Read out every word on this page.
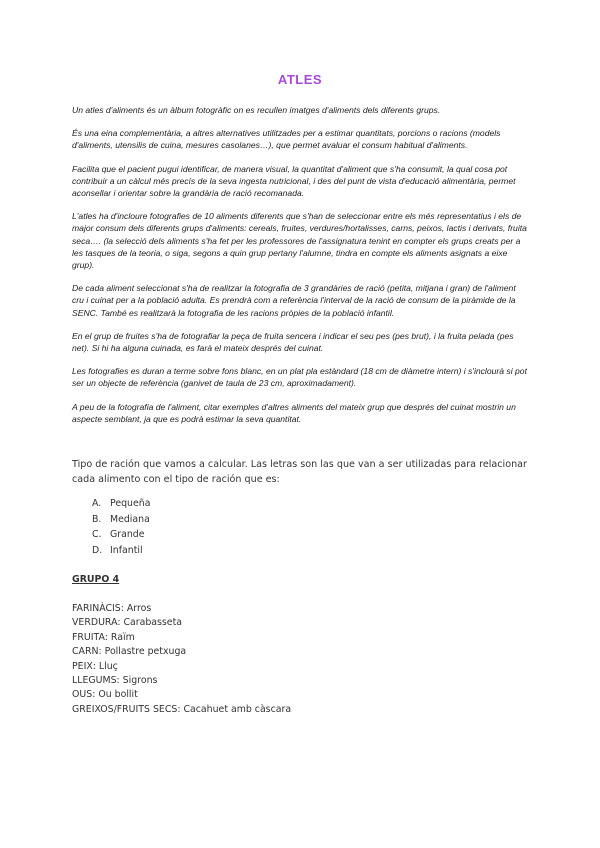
ATLES

Un atles d'aliments és un àlbum fotogràfic on es recullen imatges d'aliments dels diferents grups.

És una eina complementària, a altres alternatives utilitzades per a estimar quantitats, porcions o racions (models d'aliments, utensilis de cuina, mesures casolanes…), que permet avaluar el consum habitual d'aliments.

Facilita que el pacient pugui identificar, de manera visual, la quantitat d'aliment que s'ha consumit, la qual cosa pot contribuir a un càlcul més precís de la seva ingesta nutricional, i des del punt de vista d'educació alimentària, permet aconsellar i orientar sobre la grandària de ració recomanada.

L'atles ha d'incloure fotografies de 10 aliments diferents que s'han de seleccionar entre els més representatius i els de major consum dels diferents grups d'aliments: cereals, fruites, verdures/hortalisses, carns, peixos, lactis i derivats, fruita seca…. (la selecció dels aliments s'ha fet per les professores de l'assignatura tenint en compter els grups creats per a les tasques de la teoria, o siga, segons a quin grup pertany l'alumne, tindra en compte els aliments asignats a eixe grup).

De cada aliment seleccionat s'ha de realitzar la fotografia de 3 grandàries de ració (petita, mitjana i gran) de l'aliment cru i cuinat per a la població adulta. Es prendrà com a referència l'interval de la ració de consum de la piràmide de la SENC. També es realitzarà la fotografia de les racions pròpies de la població infantil.

En el grup de fruites s'ha de fotografiar la peça de fruita sencera i indicar el seu pes (pes brut), i la fruita pelada (pes net). Si hi ha alguna cuinada, es farà el mateix després del cuinat.

Les fotografies es duran a terme sobre fons blanc, en un plat pla estàndard (18 cm de diàmetre intern) i s'inclourà si pot ser un objecte de referència (ganivet de taula de 23 cm, aproximadament).

A peu de la fotografia de l'aliment, citar exemples d'altres aliments del mateix grup que després del cuinat mostrin un aspecte semblant, ja que es podrà estimar la seva quantitat.

Tipo de ración que vamos a calcular. Las letras son las que van a ser utilizadas para relacionar cada alimento con el tipo de ración que es:
A. Pequeña
B. Mediana
C. Grande
D. Infantil
GRUPO 4
FARINÀCIS: Arros
VERDURA: Carabasseta
FRUITA: Raïm
CARN: Pollastre petxuga
PEIX: Lluç
LLEGUMS: Sigrons
OUS: Ou bollit
GREIXOS/FRUITS SECS: Cacahuet amb càscara
